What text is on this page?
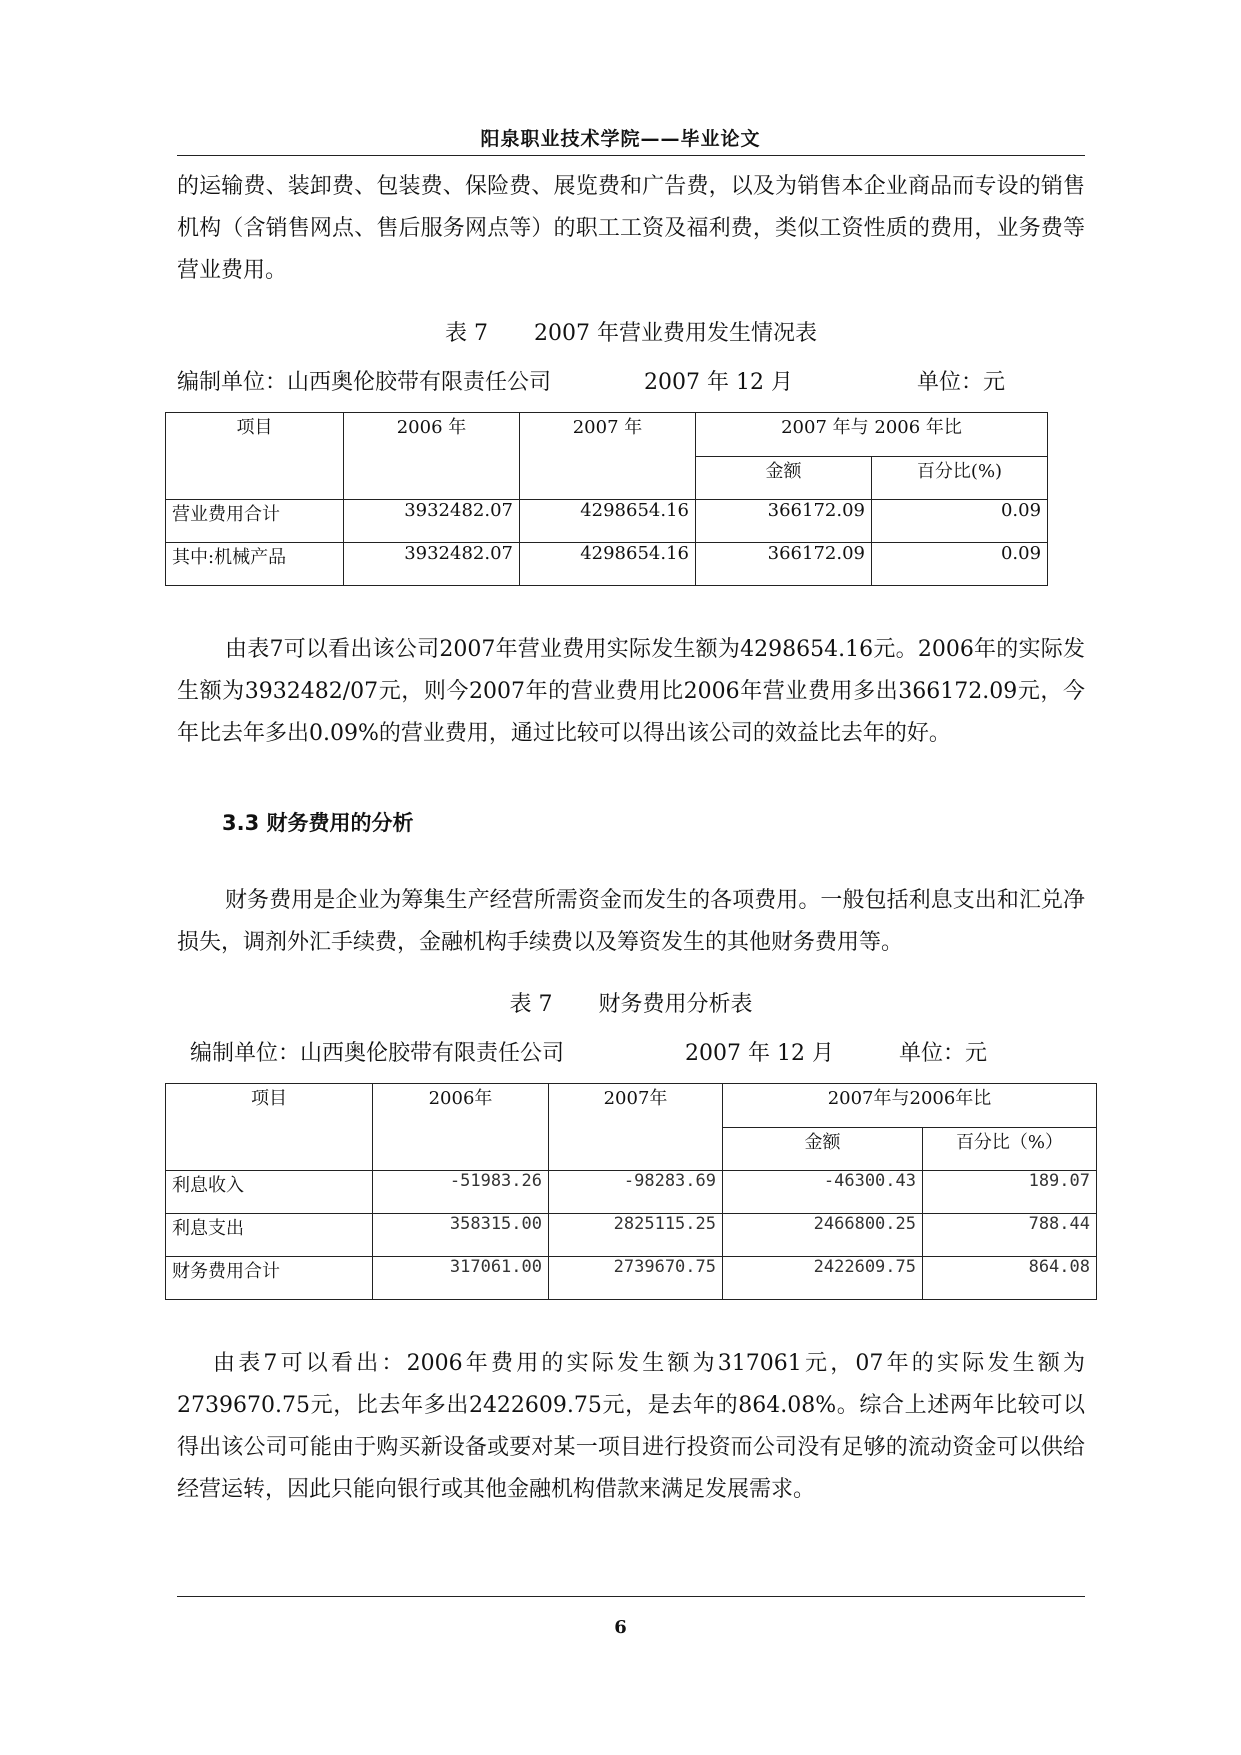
阳泉职业技术学院——毕业论文

的运输费、装卸费、包装费、保险费、展览费和广告费，以及为销售本企业商品而专设的销售机构（含销售网点、售后服务网点等）的职工工资及福利费，类似工资性质的费用，业务费等营业费用。

表 7 2007 年营业费用发生情况表
编制单位：山西奥伦胶带有限责任公司	2007 年 12 月	单位：元
项目	2006 年	2007 年	2007 年与 2006 年比	
			金额	百分比(%)
营业费用合计	3932482.07	4298654.16	366172.09	0.09
其中:机械产品	3932482.07	4298654.16	366172.09	0.09

由表7可以看出该公司2007年营业费用实际发生额为4298654.16元。2006年的实际发生额为3932482/07元，则今2007年的营业费用比2006年营业费用多出366172.09元，今年比去年多出0.09%的营业费用，通过比较可以得出该公司的效益比去年的好。

3.3 财务费用的分析

财务费用是企业为筹集生产经营所需资金而发生的各项费用。一般包括利息支出和汇兑净损失，调剂外汇手续费，金融机构手续费以及筹资发生的其他财务费用等。

表 7 财务费用分析表
编制单位：山西奥伦胶带有限责任公司	2007 年 12 月	单位：元
项目	2006年	2007年	2007年与2006年比	
			金额	百分比（%）
利息收入	-51983.26	-98283.69	-46300.43	189.07
利息支出	358315.00	2825115.25	2466800.25	788.44
财务费用合计	317061.00	2739670.75	2422609.75	864.08

由表7可以看出：2006年费用的实际发生额为317061元，07年的实际发生额为2739670.75元，比去年多出2422609.75元，是去年的864.08%。综合上述两年比较可以得出该公司可能由于购买新设备或要对某一项目进行投资而公司没有足够的流动资金可以供给经营运转，因此只能向银行或其他金融机构借款来满足发展需求。

6
